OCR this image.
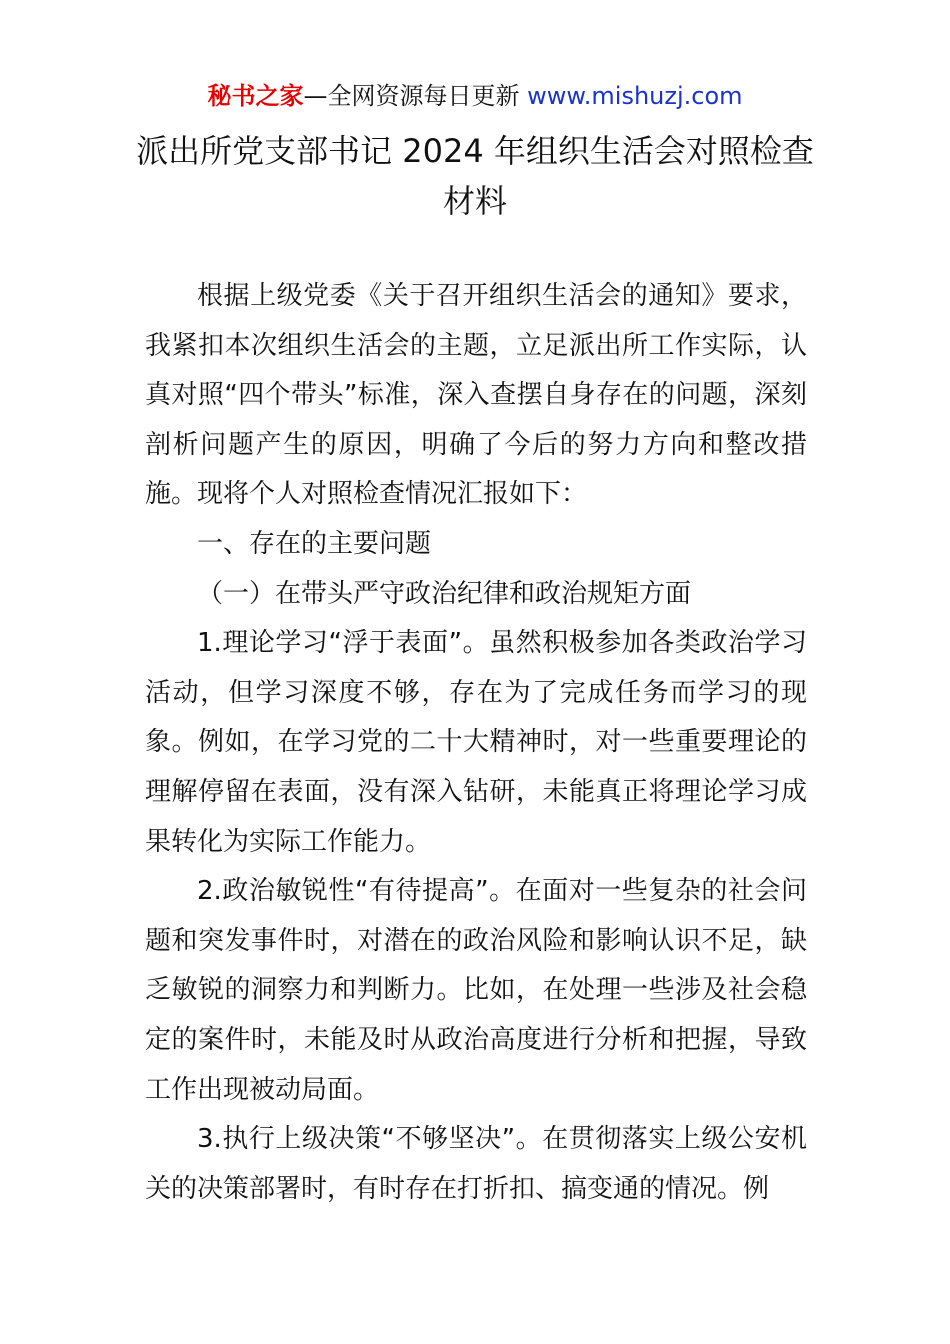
秘书之家—全网资源每日更新 www.mishuzj.com
派出所党支部书记 2024 年组织生活会对照检查
材料

根据上级党委《关于召开组织生活会的通知》要求，我紧扣本次组织生活会的主题，立足派出所工作实际，认真对照“四个带头”标准，深入查摆自身存在的问题，深刻剖析问题产生的原因，明确了今后的努力方向和整改措施。现将个人对照检查情况汇报如下：

一、存在的主要问题

（一）在带头严守政治纪律和政治规矩方面

1.理论学习“浮于表面”。虽然积极参加各类政治学习活动，但学习深度不够，存在为了完成任务而学习的现象。例如，在学习党的二十大精神时，对一些重要理论的理解停留在表面，没有深入钻研，未能真正将理论学习成果转化为实际工作能力。

2.政治敏锐性“有待提高”。在面对一些复杂的社会问题和突发事件时，对潜在的政治风险和影响认识不足，缺乏敏锐的洞察力和判断力。比如，在处理一些涉及社会稳定的案件时，未能及时从政治高度进行分析和把握，导致工作出现被动局面。

3.执行上级决策“不够坚决”。在贯彻落实上级公安机关的决策部署时，有时存在打折扣、搞变通的情况。例
